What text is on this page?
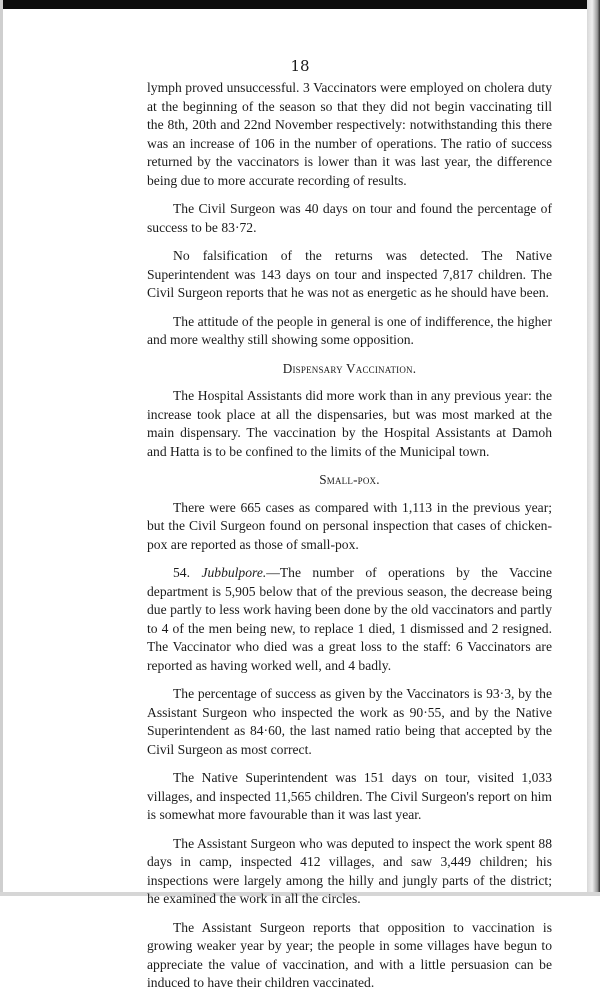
18

lymph proved unsuccessful. 3 Vaccinators were employed on cholera duty at the beginning of the season so that they did not begin vaccinating till the 8th, 20th and 22nd November respectively: notwithstanding this there was an increase of 106 in the number of operations. The ratio of success returned by the vaccinators is lower than it was last year, the difference being due to more accurate recording of results.

The Civil Surgeon was 40 days on tour and found the percentage of success to be 83·72.

No falsification of the returns was detected. The Native Superintendent was 143 days on tour and inspected 7,817 children. The Civil Surgeon reports that he was not as energetic as he should have been.

The attitude of the people in general is one of indifference, the higher and more wealthy still showing some opposition.

Dispensary Vaccination.

The Hospital Assistants did more work than in any previous year: the increase took place at all the dispensaries, but was most marked at the main dispensary. The vaccination by the Hospital Assistants at Damoh and Hatta is to be confined to the limits of the Municipal town.

Small-pox.

There were 665 cases as compared with 1,113 in the previous year; but the Civil Surgeon found on personal inspection that cases of chicken-pox are reported as those of small-pox.

54. Jubbulpore.—The number of operations by the Vaccine department is 5,905 below that of the previous season, the decrease being due partly to less work having been done by the old vaccinators and partly to 4 of the men being new, to replace 1 died, 1 dismissed and 2 resigned. The Vaccinator who died was a great loss to the staff: 6 Vaccinators are reported as having worked well, and 4 badly.

The percentage of success as given by the Vaccinators is 93·3, by the Assistant Surgeon who inspected the work as 90·55, and by the Native Superintendent as 84·60, the last named ratio being that accepted by the Civil Surgeon as most correct.

The Native Superintendent was 151 days on tour, visited 1,033 villages, and inspected 11,565 children. The Civil Surgeon's report on him is somewhat more favourable than it was last year.

The Assistant Surgeon who was deputed to inspect the work spent 88 days in camp, inspected 412 villages, and saw 3,449 children; his inspections were largely among the hilly and jungly parts of the district; he examined the work in all the circles.

The Assistant Surgeon reports that opposition to vaccination is growing weaker year by year; the people in some villages have begun to appreciate the value of vaccination, and with a little persuasion can be induced to have their children vaccinated.
